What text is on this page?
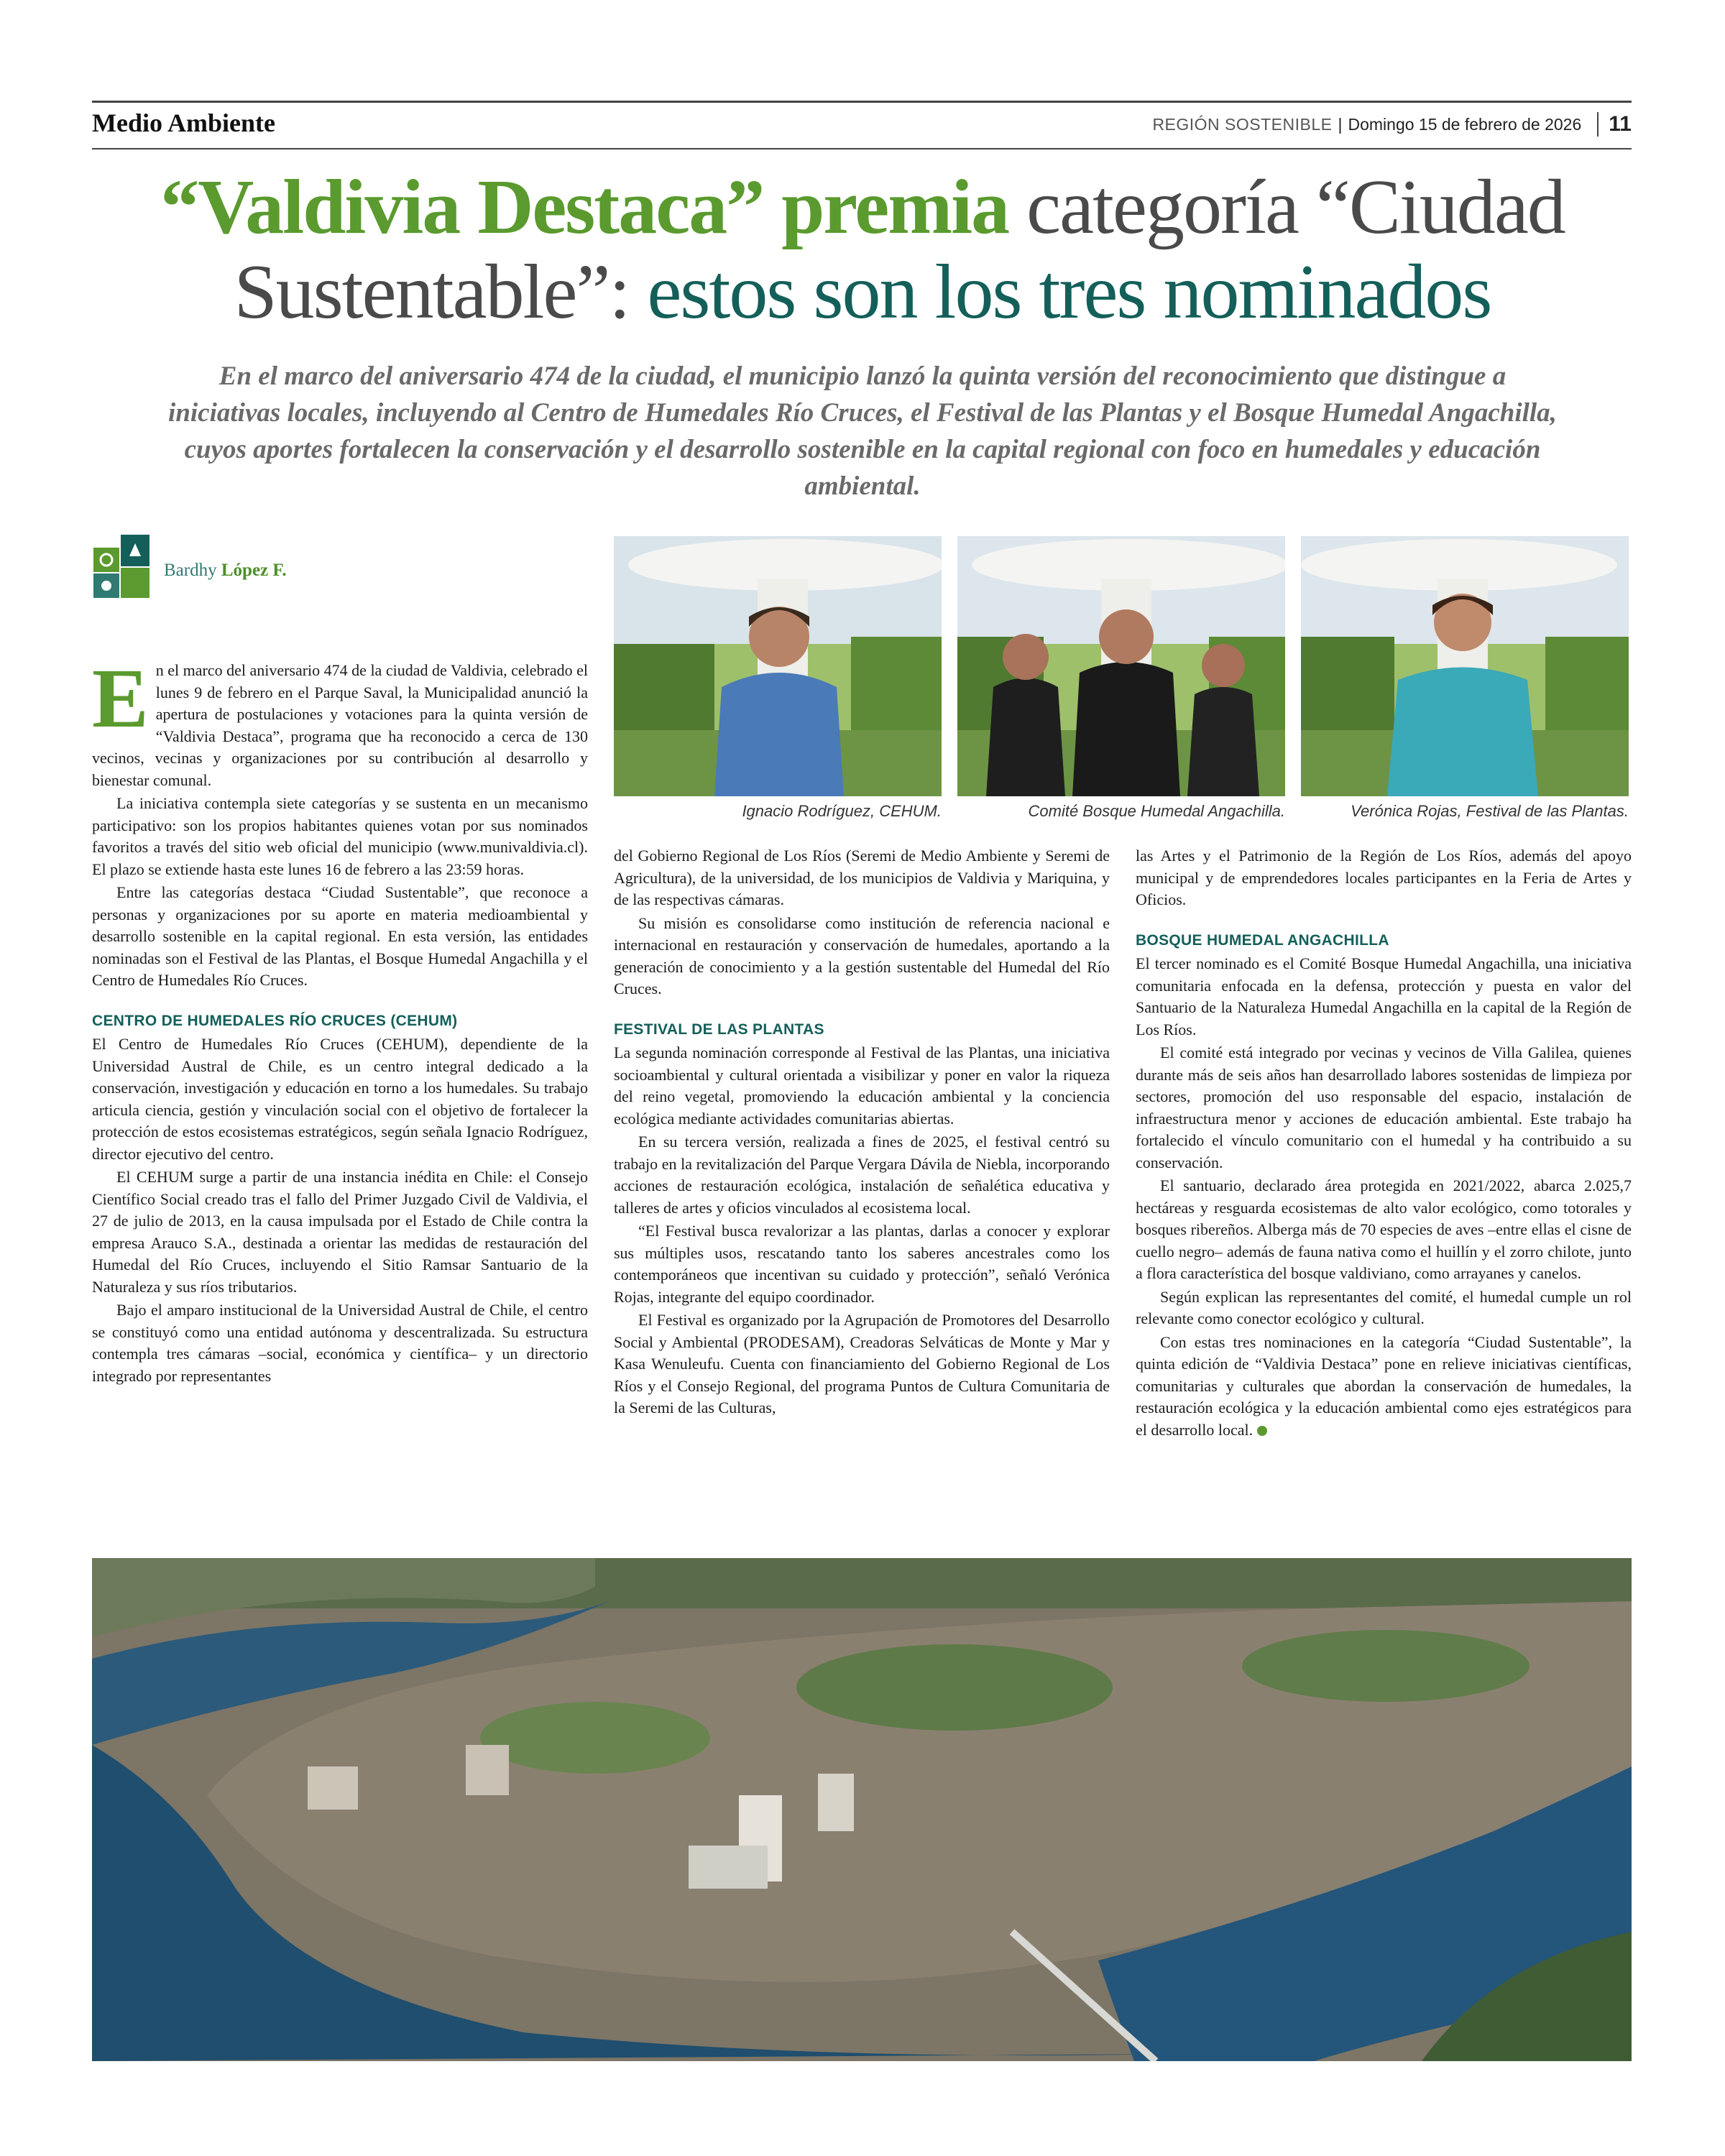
Medio Ambiente	REGIÓN SOSTENIBLE | Domingo 15 de febrero de 2026	11
“Valdivia Destaca” premia categoría “Ciudad Sustentable”: estos son los tres nominados
En el marco del aniversario 474 de la ciudad, el municipio lanzó la quinta versión del reconocimiento que distingue a iniciativas locales, incluyendo al Centro de Humedales Río Cruces, el Festival de las Plantas y el Bosque Humedal Angachilla, cuyos aportes fortalecen la conservación y el desarrollo sostenible en la capital regional con foco en humedales y educación ambiental.
Bardhy López F.
Ignacio Rodríguez, CEHUM.	Comité Bosque Humedal Angachilla.	Verónica Rojas, Festival de las Plantas.

En el marco del aniversario 474 de la ciudad de Valdivia, celebrado el lunes 9 de febrero en el Parque Saval, la Municipalidad anunció la apertura de postulaciones y votaciones para la quinta versión de “Valdivia Destaca”, programa que ha reconocido a cerca de 130 vecinos, vecinas y organizaciones por su contribución al desarrollo y bienestar comunal.

La iniciativa contempla siete categorías y se sustenta en un mecanismo participativo: son los propios habitantes quienes votan por sus nominados favoritos a través del sitio web oficial del municipio (www.munivaldivia.cl). El plazo se extiende hasta este lunes 16 de febrero a las 23:59 horas.

Entre las categorías destaca “Ciudad Sustentable”, que reconoce a personas y organizaciones por su aporte en materia medioambiental y desarrollo sostenible en la capital regional. En esta versión, las entidades nominadas son el Festival de las Plantas, el Bosque Humedal Angachilla y el Centro de Humedales Río Cruces.

CENTRO DE HUMEDALES RÍO CRUCES (CEHUM)

El Centro de Humedales Río Cruces (CEHUM), dependiente de la Universidad Austral de Chile, es un centro integral dedicado a la conservación, investigación y educación en torno a los humedales. Su trabajo articula ciencia, gestión y vinculación social con el objetivo de fortalecer la protección de estos ecosistemas estratégicos, según señala Ignacio Rodríguez, director ejecutivo del centro.

El CEHUM surge a partir de una instancia inédita en Chile: el Consejo Científico Social creado tras el fallo del Primer Juzgado Civil de Valdivia, el 27 de julio de 2013, en la causa impulsada por el Estado de Chile contra la empresa Arauco S.A., destinada a orientar las medidas de restauración del Humedal del Río Cruces, incluyendo el Sitio Ramsar Santuario de la Naturaleza y sus ríos tributarios.

Bajo el amparo institucional de la Universidad Austral de Chile, el centro se constituyó como una entidad autónoma y descentralizada. Su estructura contempla tres cámaras –social, económica y científica– y un directorio integrado por representantes

del Gobierno Regional de Los Ríos (Seremi de Medio Ambiente y Seremi de Agricultura), de la universidad, de los municipios de Valdivia y Mariquina, y de las respectivas cámaras.

Su misión es consolidarse como institución de referencia nacional e internacional en restauración y conservación de humedales, aportando a la generación de conocimiento y a la gestión sustentable del Humedal del Río Cruces.

FESTIVAL DE LAS PLANTAS

La segunda nominación corresponde al Festival de las Plantas, una iniciativa socioambiental y cultural orientada a visibilizar y poner en valor la riqueza del reino vegetal, promoviendo la educación ambiental y la conciencia ecológica mediante actividades comunitarias abiertas.

En su tercera versión, realizada a fines de 2025, el festival centró su trabajo en la revitalización del Parque Vergara Dávila de Niebla, incorporando acciones de restauración ecológica, instalación de señalética educativa y talleres de artes y oficios vinculados al ecosistema local.

“El Festival busca revalorizar a las plantas, darlas a conocer y explorar sus múltiples usos, rescatando tanto los saberes ancestrales como los contemporáneos que incentivan su cuidado y protección”, señaló Verónica Rojas, integrante del equipo coordinador.

El Festival es organizado por la Agrupación de Promotores del Desarrollo Social y Ambiental (PRODESAM), Creadoras Selváticas de Monte y Mar y Kasa Wenuleufu. Cuenta con financiamiento del Gobierno Regional de Los Ríos y el Consejo Regional, del programa Puntos de Cultura Comunitaria de la Seremi de las Culturas,

las Artes y el Patrimonio de la Región de Los Ríos, además del apoyo municipal y de emprendedores locales participantes en la Feria de Artes y Oficios.

BOSQUE HUMEDAL ANGACHILLA

El tercer nominado es el Comité Bosque Humedal Angachilla, una iniciativa comunitaria enfocada en la defensa, protección y puesta en valor del Santuario de la Naturaleza Humedal Angachilla en la capital de la Región de Los Ríos.

El comité está integrado por vecinas y vecinos de Villa Galilea, quienes durante más de seis años han desarrollado labores sostenidas de limpieza por sectores, promoción del uso responsable del espacio, instalación de infraestructura menor y acciones de educación ambiental. Este trabajo ha fortalecido el vínculo comunitario con el humedal y ha contribuido a su conservación.

El santuario, declarado área protegida en 2021/2022, abarca 2.025,7 hectáreas y resguarda ecosistemas de alto valor ecológico, como totorales y bosques ribereños. Alberga más de 70 especies de aves –entre ellas el cisne de cuello negro– además de fauna nativa como el huillín y el zorro chilote, junto a flora característica del bosque valdiviano, como arrayanes y canelos.

Según explican las representantes del comité, el humedal cumple un rol relevante como conector ecológico y cultural.

Con estas tres nominaciones en la categoría “Ciudad Sustentable”, la quinta edición de “Valdivia Destaca” pone en relieve iniciativas científicas, comunitarias y culturales que abordan la conservación de humedales, la restauración ecológica y la educación ambiental como ejes estratégicos para el desarrollo local.
